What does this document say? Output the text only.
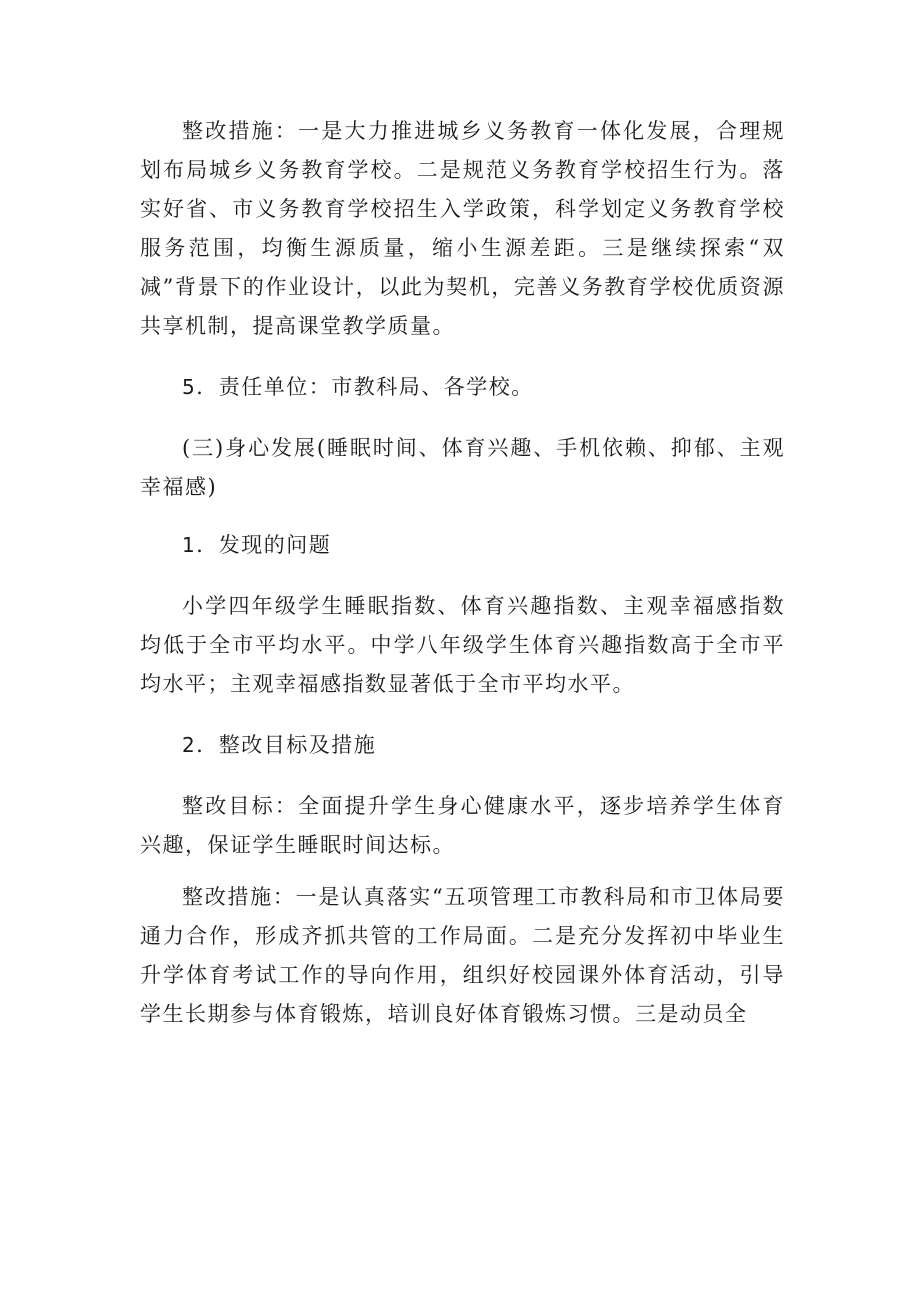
整改措施：一是大力推进城乡义务教育一体化发展，合理规划布局城乡义务教育学校。二是规范义务教育学校招生行为。落实好省、市义务教育学校招生入学政策，科学划定义务教育学校服务范围，均衡生源质量，缩小生源差距。三是继续探索“双减”背景下的作业设计，以此为契机，完善义务教育学校优质资源共享机制，提高课堂教学质量。

5．责任单位：市教科局、各学校。

(三)身心发展(睡眠时间、体育兴趣、手机依赖、抑郁、主观幸福感)

1．发现的问题

小学四年级学生睡眠指数、体育兴趣指数、主观幸福感指数均低于全市平均水平。中学八年级学生体育兴趣指数高于全市平均水平；主观幸福感指数显著低于全市平均水平。

2．整改目标及措施

整改目标：全面提升学生身心健康水平，逐步培养学生体育兴趣，保证学生睡眠时间达标。

整改措施：一是认真落实“五项管理工市教科局和市卫体局要通力合作，形成齐抓共管的工作局面。二是充分发挥初中毕业生升学体育考试工作的导向作用，组织好校园课外体育活动，引导学生长期参与体育锻炼，培训良好体育锻炼习惯。三是动员全
